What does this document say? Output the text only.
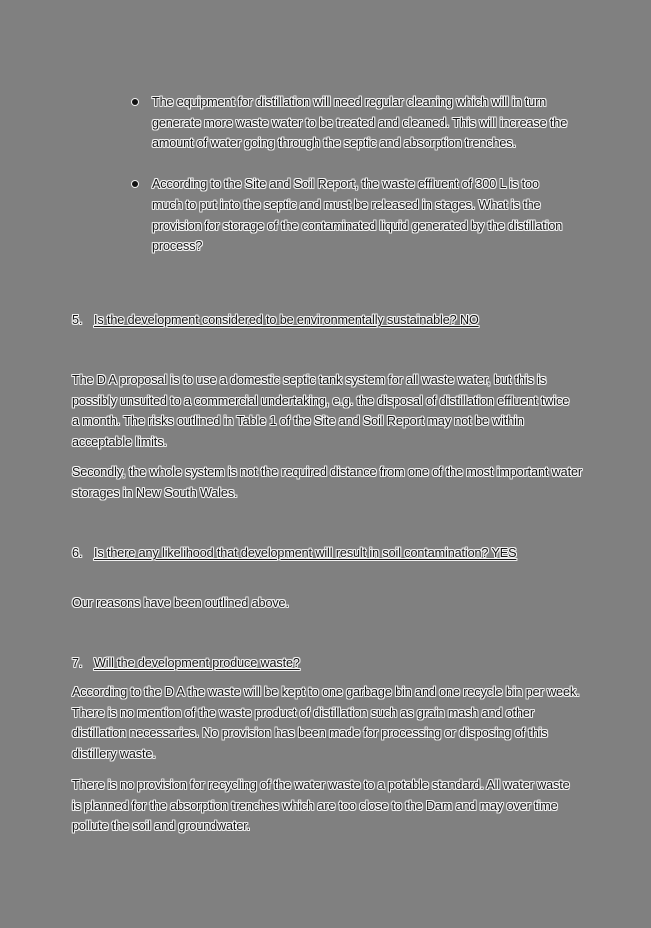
The equipment for distillation will need regular cleaning which will in turn generate more waste water to be treated and cleaned. This will increase the amount of water going through the septic and absorption trenches.
According to the Site and Soil Report, the waste effluent of 300 L is too much to put into the septic and must be released in stages. What is the provision for storage of the contaminated liquid generated by the distillation process?
5. Is the development considered to be environmentally sustainable? NO

The D A proposal is to use a domestic septic tank system for all waste water, but this is possibly unsuited to a commercial undertaking, e.g. the disposal of distillation effluent twice a month. The risks outlined in Table 1 of the Site and Soil Report may not be within acceptable limits.

Secondly, the whole system is not the required distance from one of the most important water storages in New South Wales.

6. Is there any likelihood that development will result in soil contamination? YES

Our reasons have been outlined above.

7. Will the development produce waste?

According to the D A the waste will be kept to one garbage bin and one recycle bin per week. There is no mention of the waste product of distillation such as grain mash and other distillation necessaries. No provision has been made for processing or disposing of this distillery waste.

There is no provision for recycling of the water waste to a potable standard. All water waste is planned for the absorption trenches which are too close to the Dam and may over time pollute the soil and groundwater.
